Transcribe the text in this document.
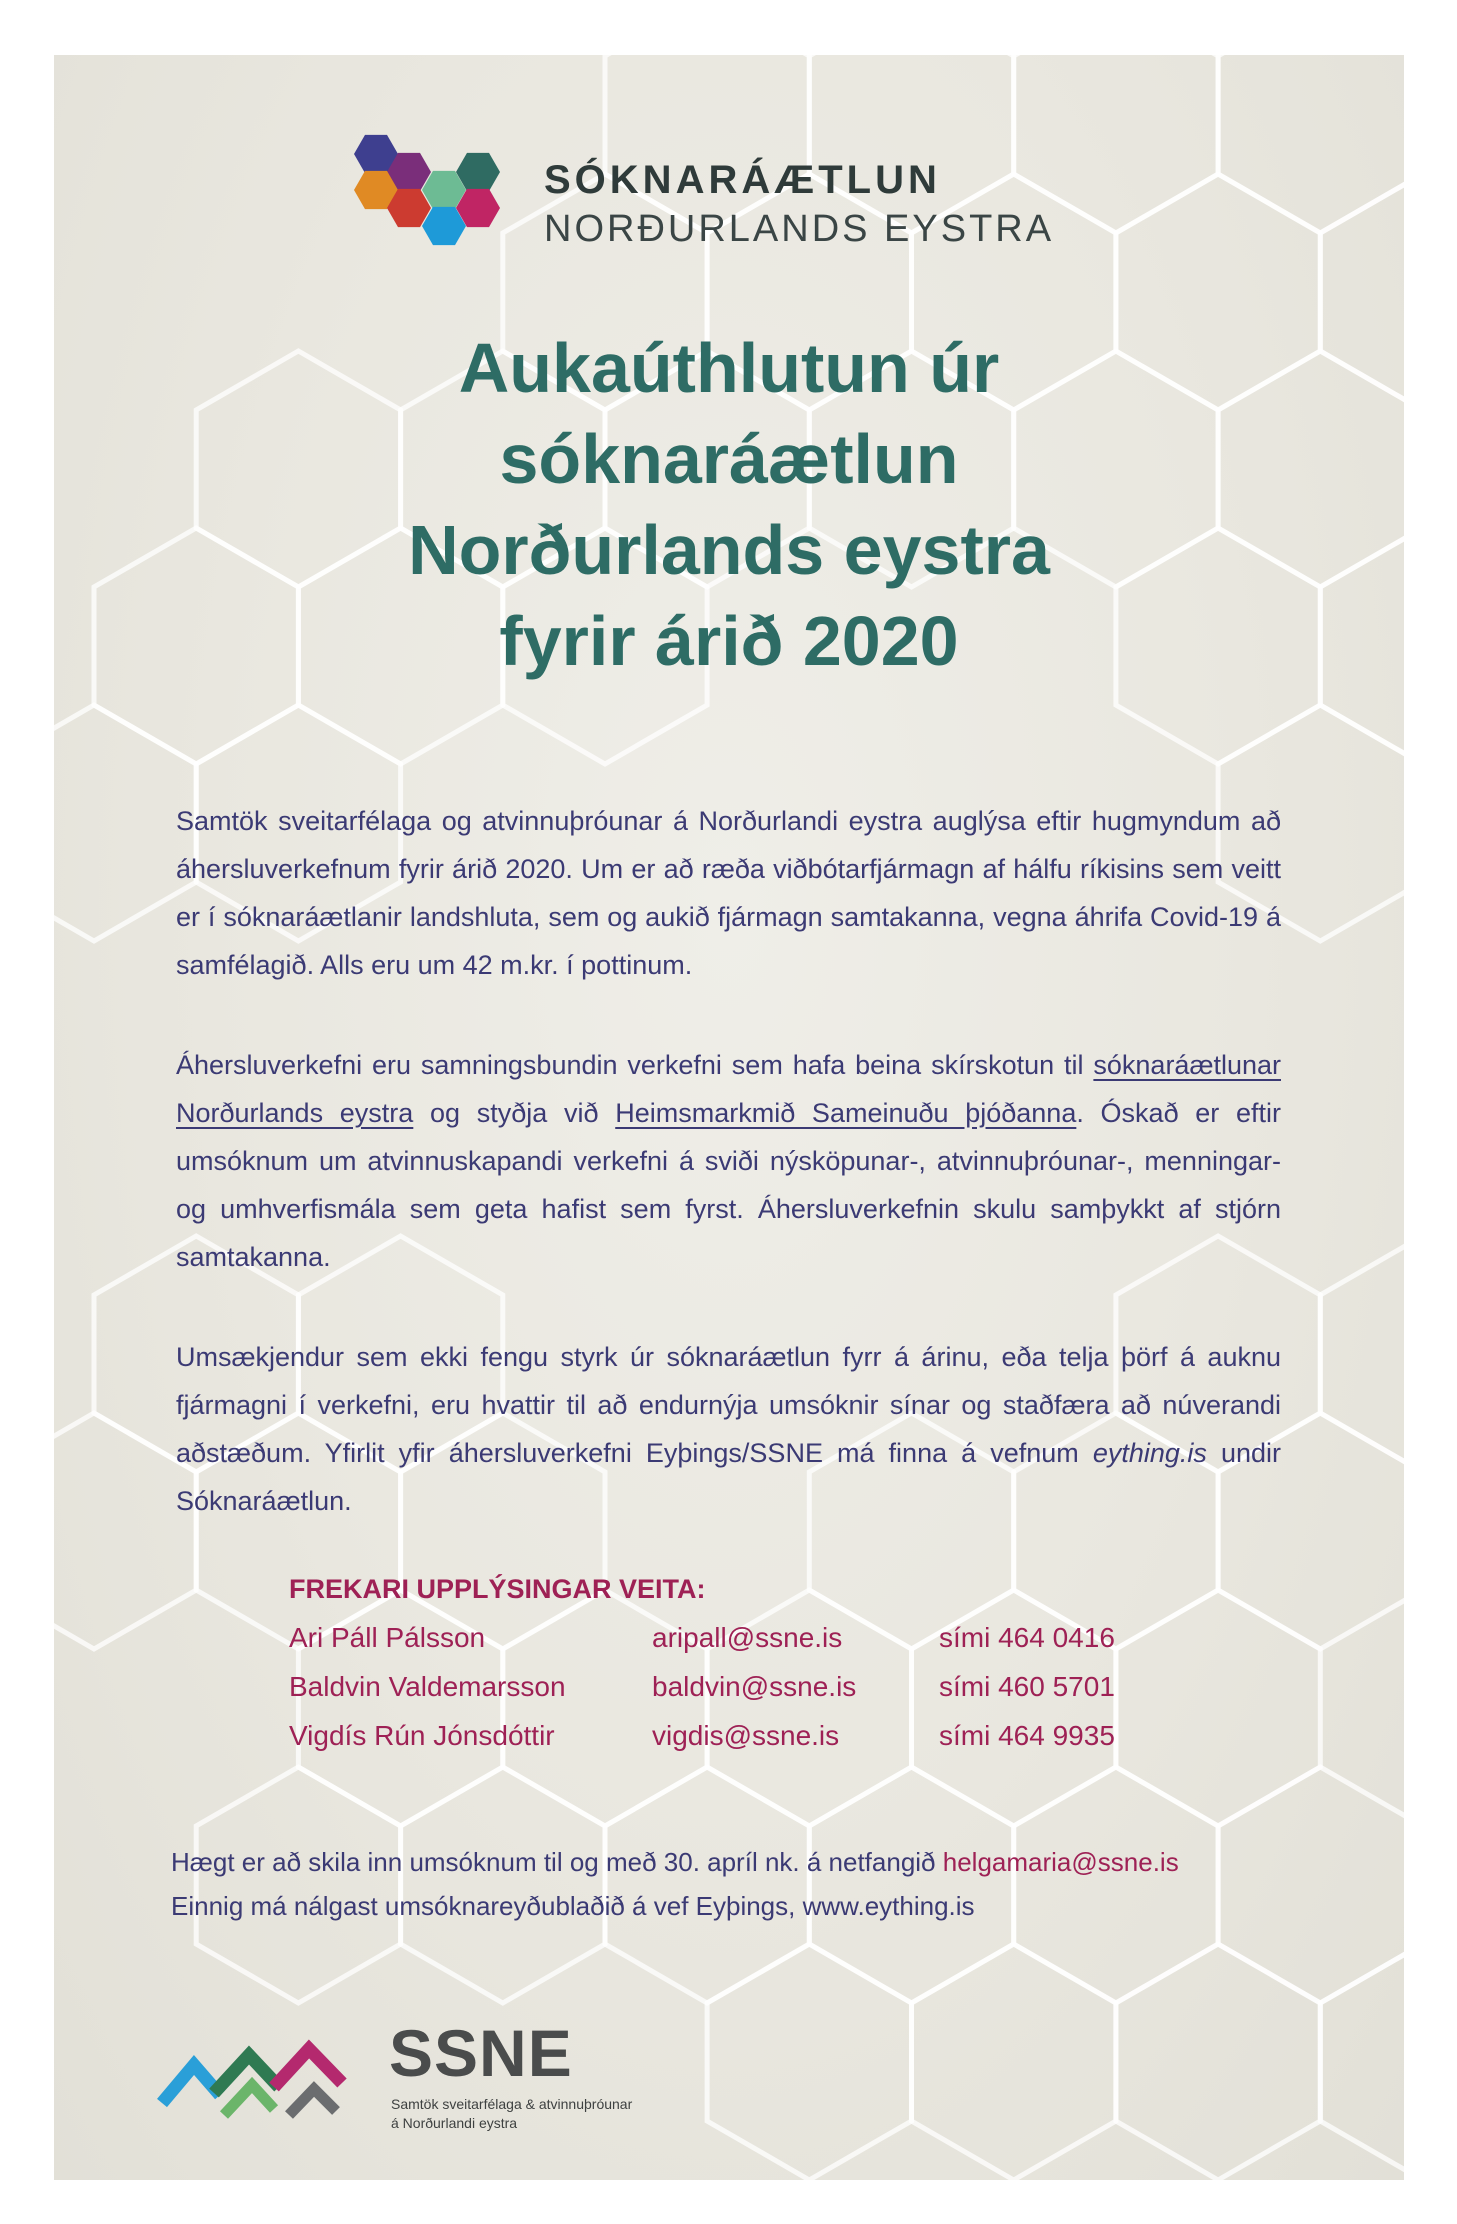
SÓKNARÁÆTLUN
NORÐURLANDS EYSTRA
Aukaúthlutun úr
sóknaráætlun
Norðurlands eystra
fyrir árið 2020

Samtök sveitarfélaga og atvinnuþróunar á Norðurlandi eystra auglýsa eftir hugmyndum að áhersluverkefnum fyrir árið 2020. Um er að ræða viðbótarfjármagn af hálfu ríkisins sem veitt er í sóknaráætlanir landshluta, sem og aukið fjármagn samtakanna, vegna áhrifa Covid-19 á samfélagið. Alls eru um 42 m.kr. í pottinum.

Áhersluverkefni eru samningsbundin verkefni sem hafa beina skírskotun til sóknaráætlunar Norðurlands eystra og styðja við Heimsmarkmið Sameinuðu þjóðanna. Óskað er eftir umsóknum um atvinnuskapandi verkefni á sviði nýsköpunar-, atvinnuþróunar-, menningar- og umhverfismála sem geta hafist sem fyrst. Áhersluverkefnin skulu samþykkt af stjórn samtakanna.

Umsækjendur sem ekki fengu styrk úr sóknaráætlun fyrr á árinu, eða telja þörf á auknu fjármagni í verkefni, eru hvattir til að endurnýja umsóknir sínar og staðfæra að núverandi aðstæðum. Yfirlit yfir áhersluverkefni Eyþings/SSNE má finna á vefnum eything.is undir Sóknaráætlun.

FREKARI UPPLÝSINGAR VEITA:
Ari Páll Pálsson	aripall@ssne.is	sími 464 0416
Baldvin Valdemarsson	baldvin@ssne.is	sími 460 5701
Vigdís Rún Jónsdóttir	vigdis@ssne.is	sími 464 9935
Hægt er að skila inn umsóknum til og með 30. apríl nk. á netfangið helgamaria@ssne.is
Einnig má nálgast umsóknareyðublaðið á vef Eyþings, www.eything.is
SSNE
Samtök sveitarfélaga & atvinnuþróunar
á Norðurlandi eystra
